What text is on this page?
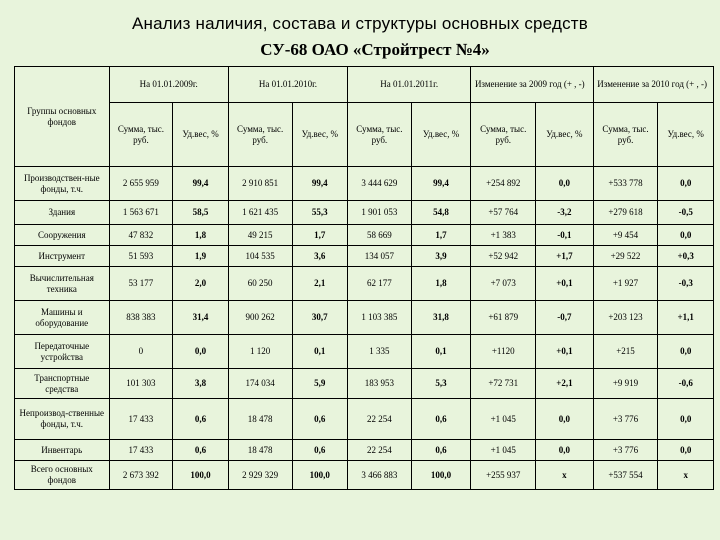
Анализ наличия, состава и структуры основных средств
СУ-68 ОАО «Стройтрест №4»
Группы основных фондов	На 01.01.2009г.		На 01.01.2010г.		На 01.01.2011г.		Изменение за 2009 год (+ , -)		Изменение за 2010 год (+ , -)	
	Сумма, тыс. руб.	Уд.вес, %	Сумма, тыс. руб.	Уд.вес, %	Сумма, тыс. руб.	Уд.вес, %	Сумма, тыс. руб.	Уд.вес, %	Сумма, тыс. руб.	Уд.вес, %
Производствен-ные фонды, т.ч.	2 655 959	99,4	2 910 851	99,4	3 444 629	99,4	+254 892	0,0	+533 778	0,0
Здания	1 563 671	58,5	1 621 435	55,3	1 901 053	54,8	+57 764	-3,2	+279 618	-0,5
Сооружения	47 832	1,8	49 215	1,7	58 669	1,7	+1 383	-0,1	+9 454	0,0
Инструмент	51 593	1,9	104 535	3,6	134 057	3,9	+52 942	+1,7	+29 522	+0,3
Вычислительная техника	53 177	2,0	60 250	2,1	62 177	1,8	+7 073	+0,1	+1 927	-0,3
Машины и оборудование	838 383	31,4	900 262	30,7	1 103 385	31,8	+61 879	-0,7	+203 123	+1,1
Передаточные устройства	0	0,0	1 120	0,1	1 335	0,1	+1120	+0,1	+215	0,0
Транспортные средства	101 303	3,8	174 034	5,9	183 953	5,3	+72 731	+2,1	+9 919	-0,6
Непроизвод-ственные фонды, т.ч.	17 433	0,6	18 478	0,6	22 254	0,6	+1 045	0,0	+3 776	0,0
Инвентарь	17 433	0,6	18 478	0,6	22 254	0,6	+1 045	0,0	+3 776	0,0
Всего основных фондов	2 673 392	100,0	2 929 329	100,0	3 466 883	100,0	+255 937	х	+537 554	х
